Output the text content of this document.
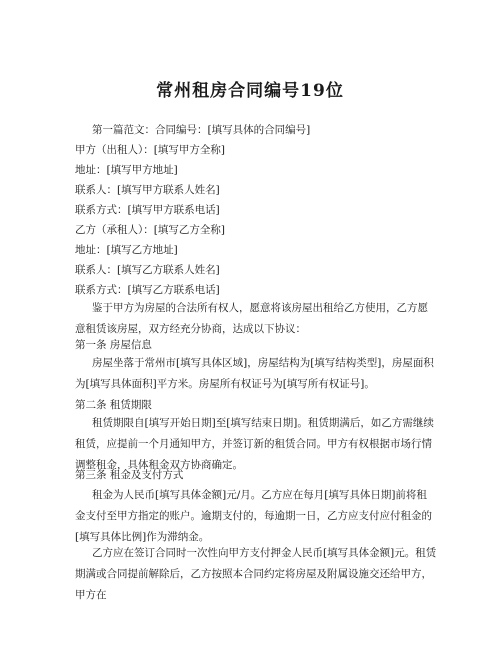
常州租房合同编号19位
第一篇范文：合同编号：[填写具体的合同编号]
甲方（出租人）：[填写甲方全称]
地址：[填写甲方地址]
联系人：[填写甲方联系人姓名]
联系方式：[填写甲方联系电话]
乙方（承租人）：[填写乙方全称]
地址：[填写乙方地址]
联系人：[填写乙方联系人姓名]
联系方式：[填写乙方联系电话]
鉴于甲方为房屋的合法所有权人，愿意将该房屋出租给乙方使用，乙方愿意租赁该房屋，双方经充分协商，达成以下协议：
第一条 房屋信息
房屋坐落于常州市[填写具体区域]，房屋结构为[填写结构类型]，房屋面积为[填写具体面积]平方米。房屋所有权证号为[填写所有权证号]。
第二条 租赁期限
租赁期限自[填写开始日期]至[填写结束日期]。租赁期满后，如乙方需继续租赁，应提前一个月通知甲方，并签订新的租赁合同。甲方有权根据市场行情调整租金，具体租金双方协商确定。
第三条 租金及支付方式
租金为人民币[填写具体金额]元/月。乙方应在每月[填写具体日期]前将租金支付至甲方指定的账户。逾期支付的，每逾期一日，乙方应支付应付租金的[填写具体比例]作为滞纳金。
乙方应在签订合同时一次性向甲方支付押金人民币[填写具体金额]元。租赁期满或合同提前解除后，乙方按照本合同约定将房屋及附属设施交还给甲方，甲方在
